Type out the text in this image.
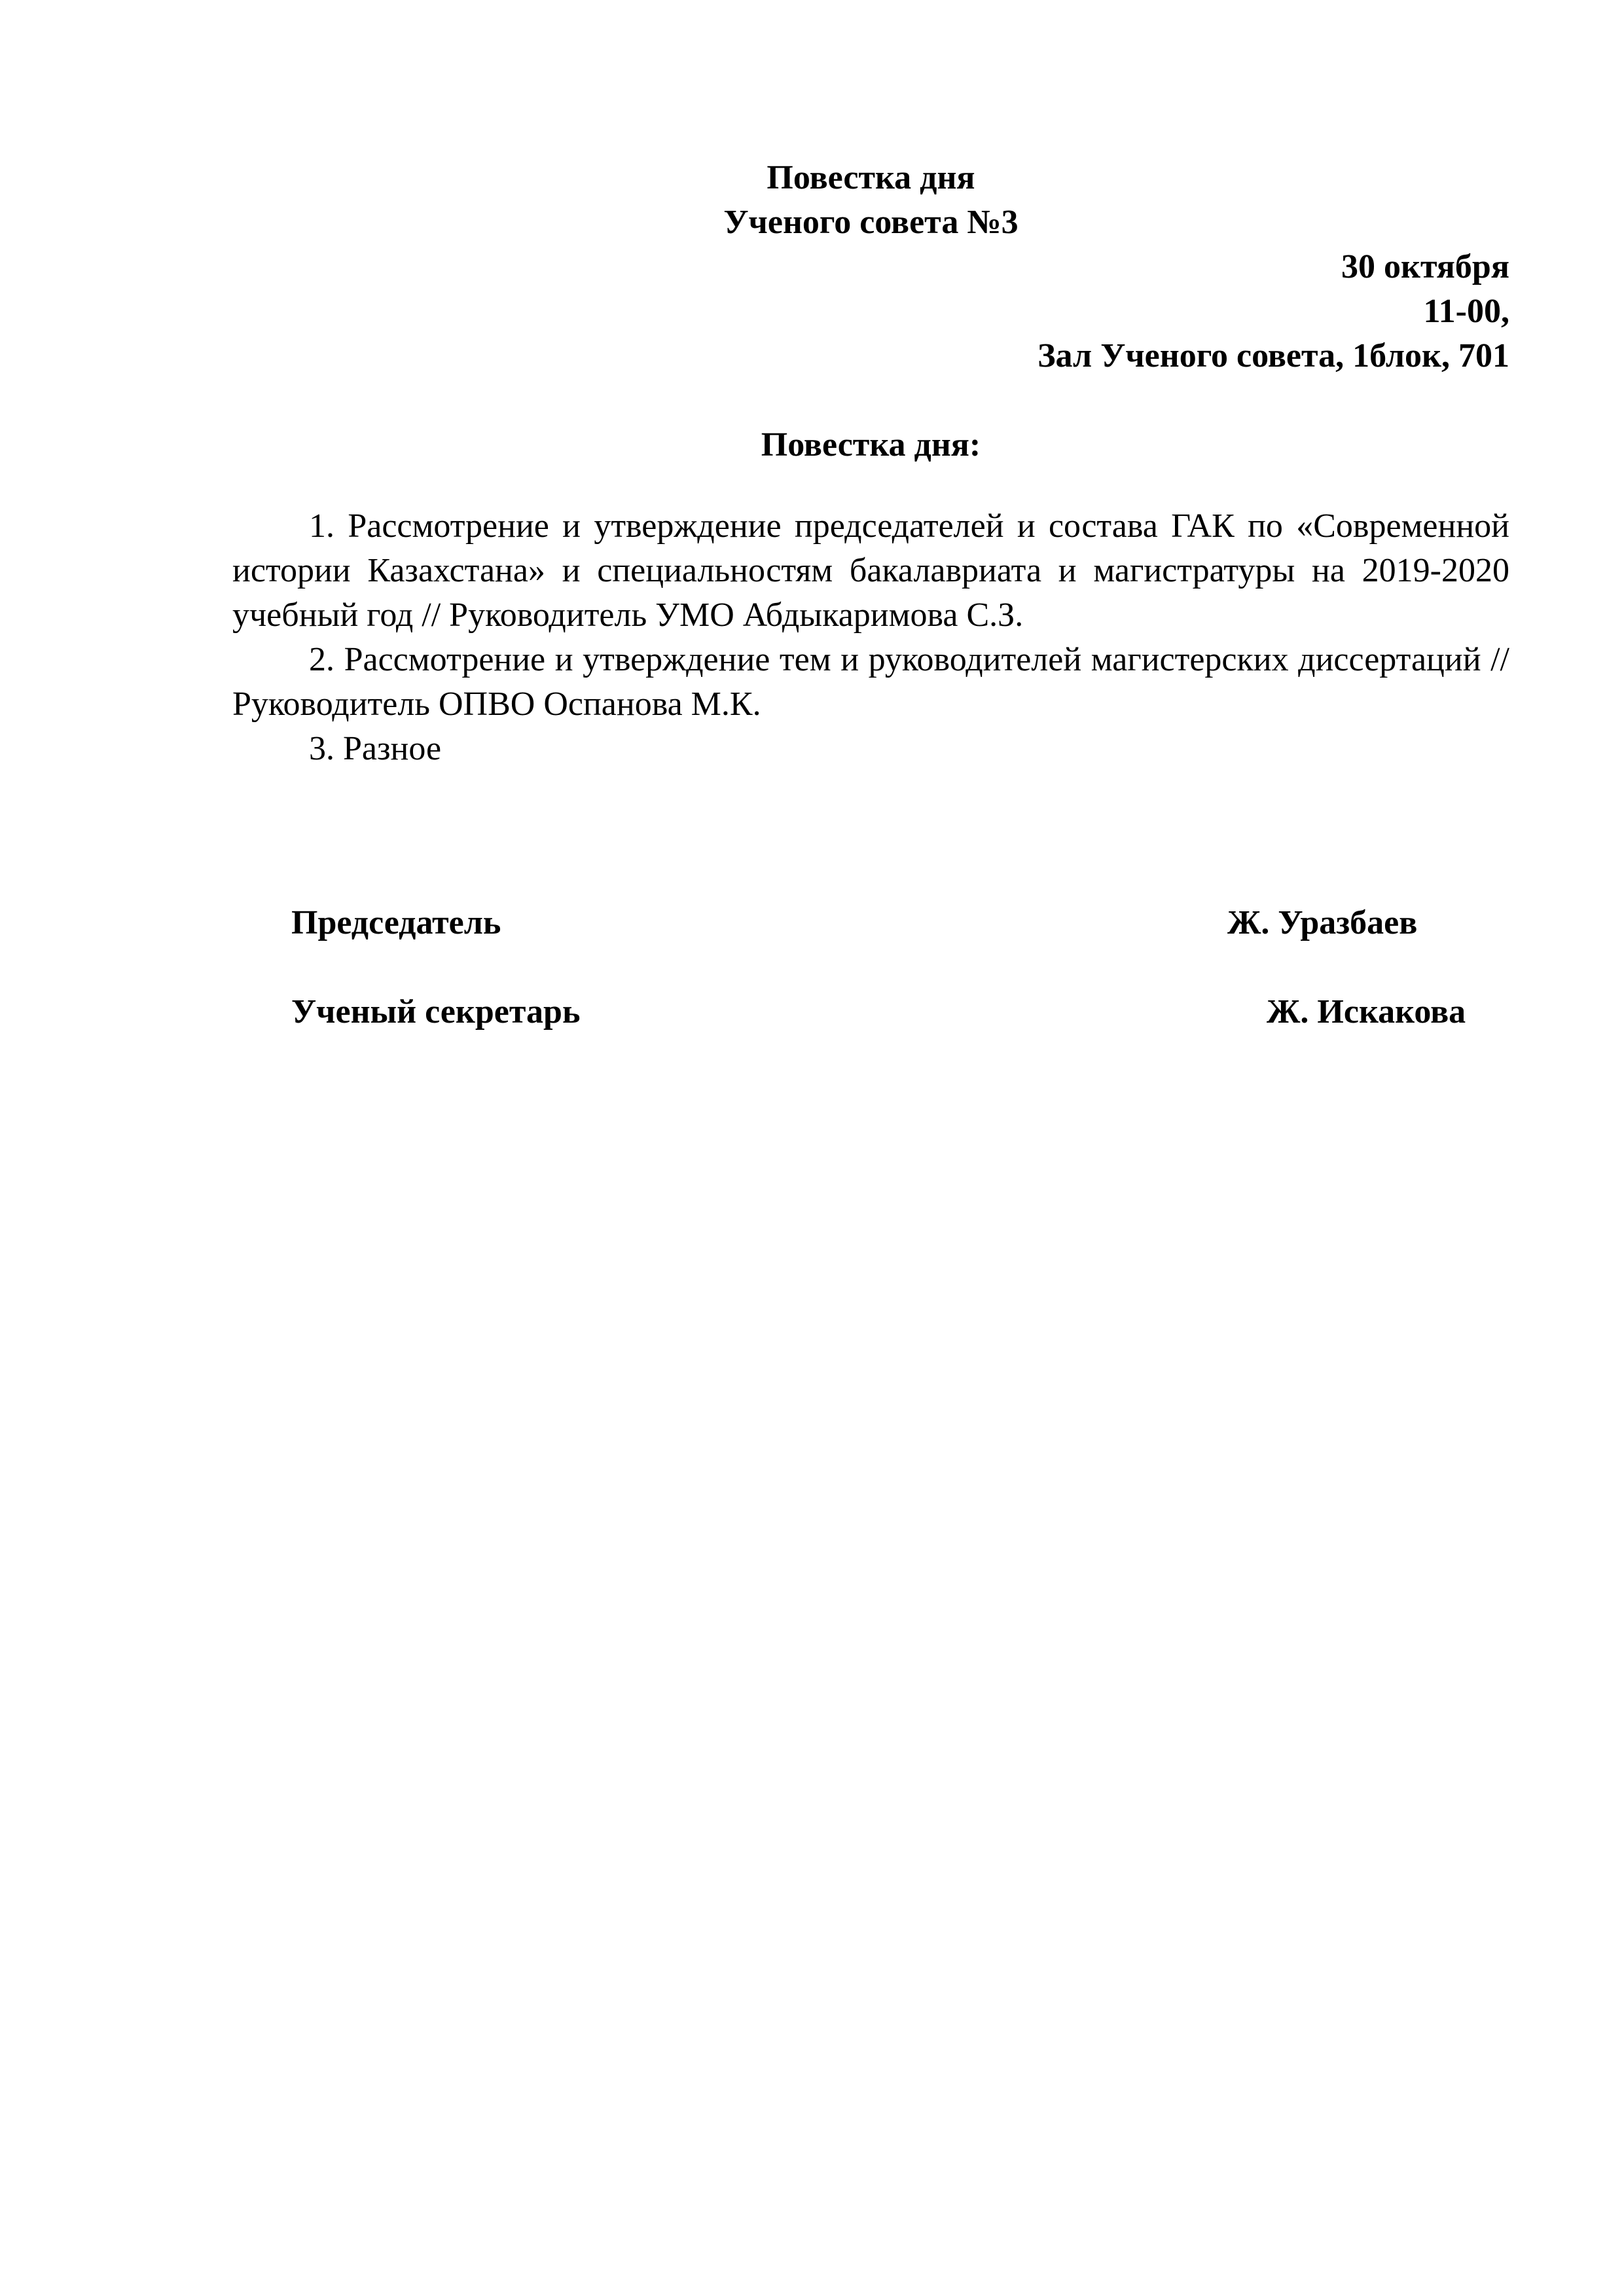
Повестка дня
Ученого совета №3
30 октября
11-00,
Зал Ученого совета, 1блок, 701
Повестка дня:
1. Рассмотрение и утверждение председателей и состава ГАК по «Современной истории Казахстана» и специальностям бакалавриата и магистратуры на 2019-2020 учебный год // Руководитель УМО Абдыкаримова С.З.
2. Рассмотрение и утверждение тем и руководителей магистерских диссертаций // Руководитель ОПВО Оспанова М.К.
3. Разное
Председатель	Ж. Уразбаев
Ученый секретарь	Ж. Искакова
